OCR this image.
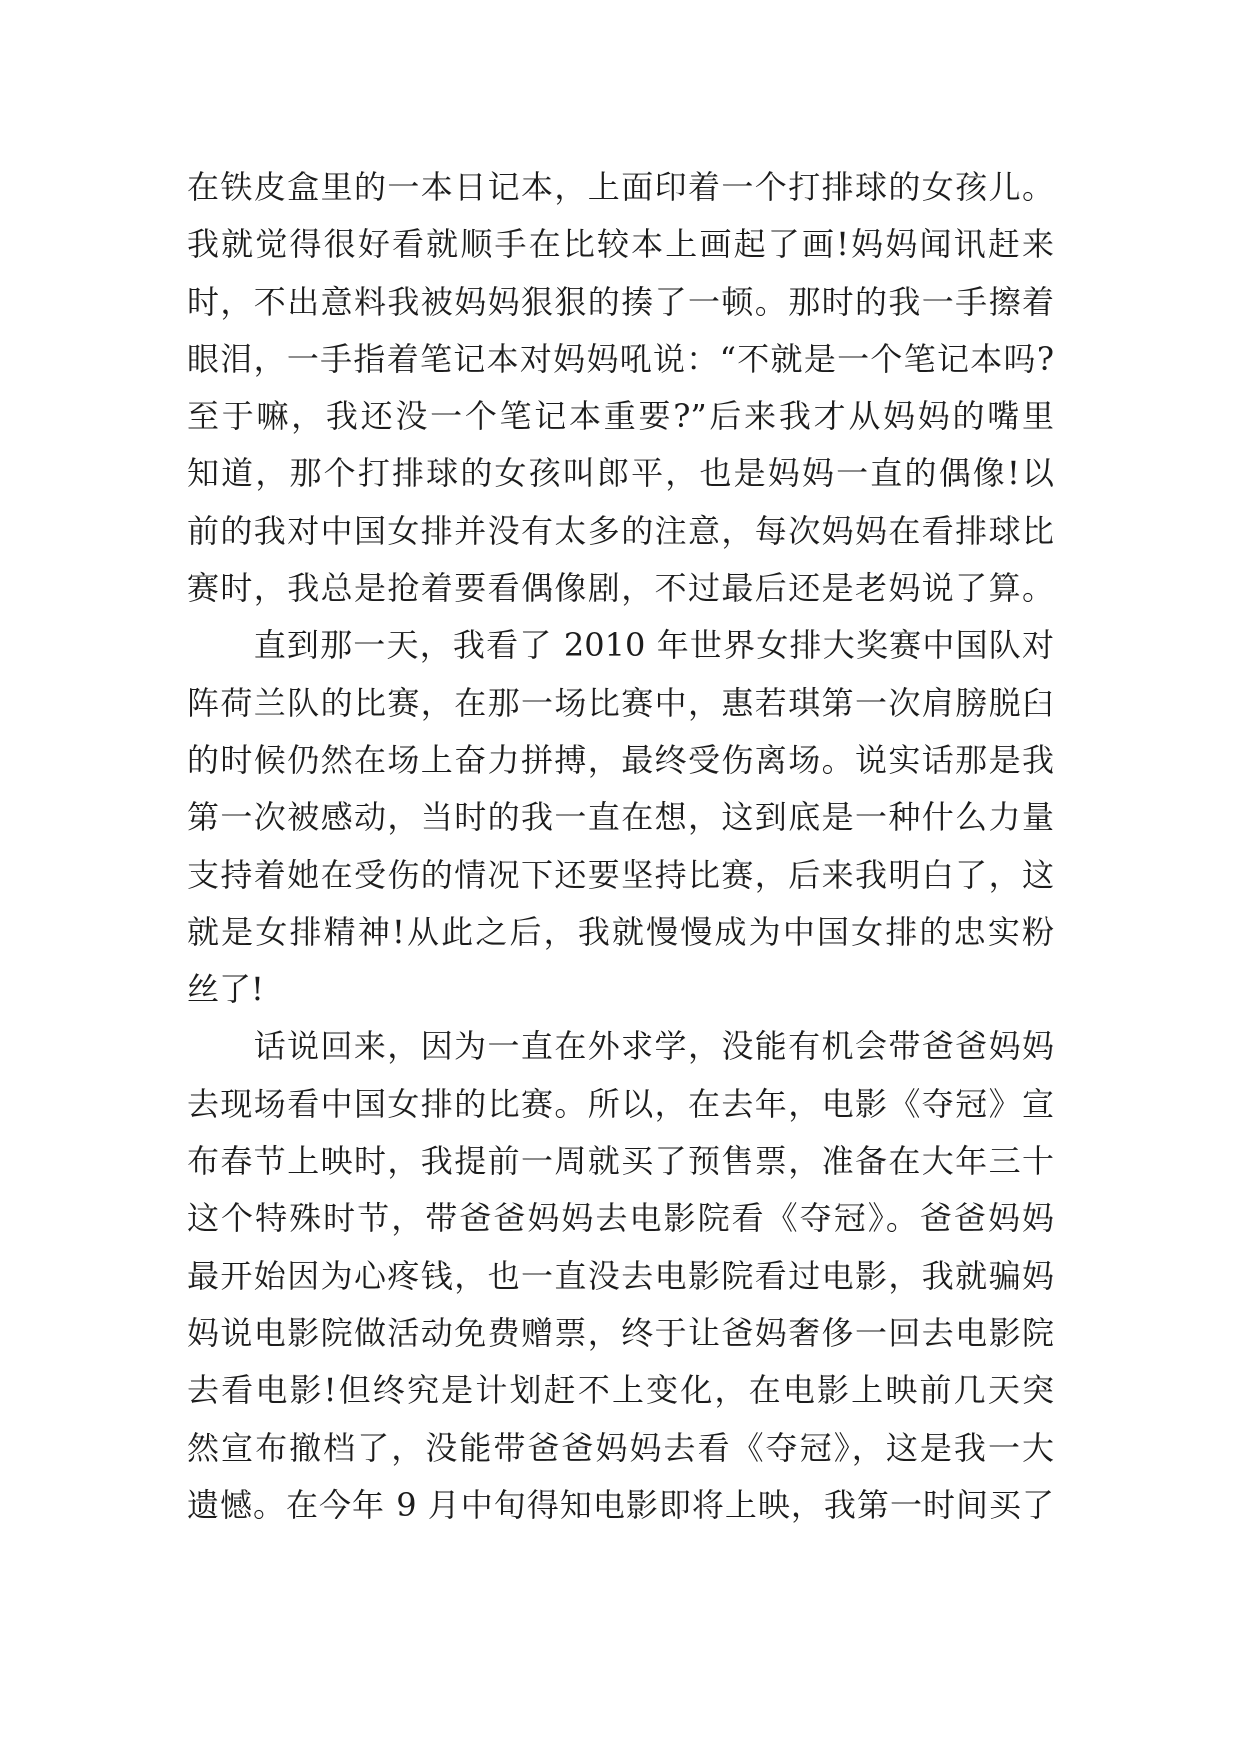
在铁皮盒里的一本日记本，上面印着一个打排球的女孩儿。
我就觉得很好看就顺手在比较本上画起了画!妈妈闻讯赶来
时，不出意料我被妈妈狠狠的揍了一顿。那时的我一手擦着
眼泪，一手指着笔记本对妈妈吼说：“不就是一个笔记本吗?
至于嘛，我还没一个笔记本重要?”后来我才从妈妈的嘴里
知道，那个打排球的女孩叫郎平，也是妈妈一直的偶像!以
前的我对中国女排并没有太多的注意，每次妈妈在看排球比
赛时，我总是抢着要看偶像剧，不过最后还是老妈说了算。
直到那一天，我看了 2010 年世界女排大奖赛中国队对
阵荷兰队的比赛，在那一场比赛中，惠若琪第一次肩膀脱臼
的时候仍然在场上奋力拼搏，最终受伤离场。说实话那是我
第一次被感动，当时的我一直在想，这到底是一种什么力量
支持着她在受伤的情况下还要坚持比赛，后来我明白了，这
就是女排精神!从此之后，我就慢慢成为中国女排的忠实粉
丝了!
话说回来，因为一直在外求学，没能有机会带爸爸妈妈
去现场看中国女排的比赛。所以，在去年，电影《夺冠》宣
布春节上映时，我提前一周就买了预售票，准备在大年三十
这个特殊时节，带爸爸妈妈去电影院看《夺冠》。爸爸妈妈
最开始因为心疼钱，也一直没去电影院看过电影，我就骗妈
妈说电影院做活动免费赠票，终于让爸妈奢侈一回去电影院
去看电影!但终究是计划赶不上变化，在电影上映前几天突
然宣布撤档了，没能带爸爸妈妈去看《夺冠》，这是我一大
遗憾。在今年 9 月中旬得知电影即将上映，我第一时间买了
